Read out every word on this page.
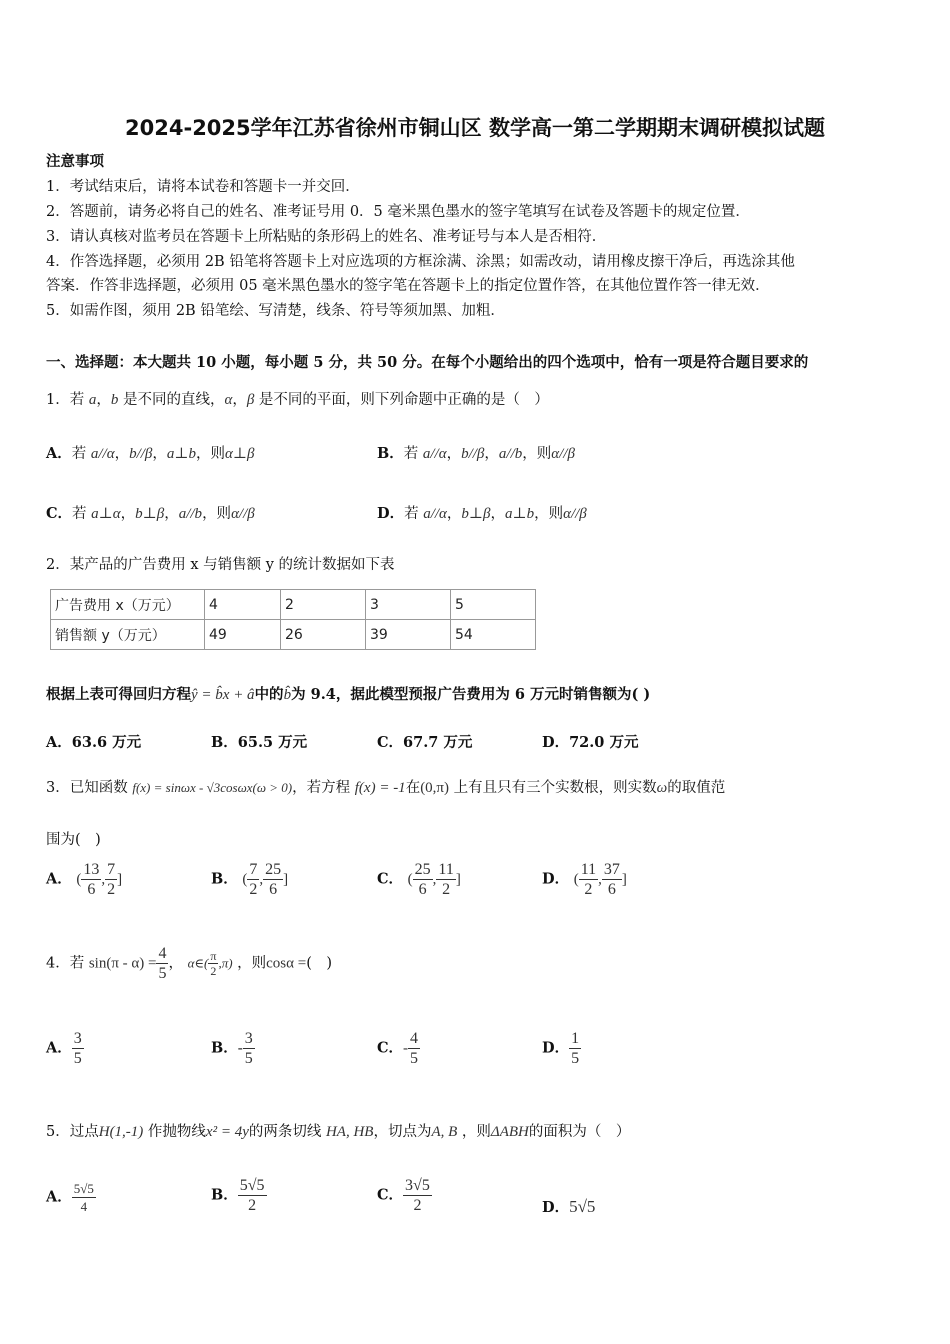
2024-2025学年江苏省徐州市铜山区 数学高一第二学期期末调研模拟试题
注意事项
1．考试结束后，请将本试卷和答题卡一并交回．
2．答题前，请务必将自己的姓名、准考证号用 0．5 毫米黑色墨水的签字笔填写在试卷及答题卡的规定位置．
3．请认真核对监考员在答题卡上所粘贴的条形码上的姓名、准考证号与本人是否相符．
4．作答选择题，必须用 2B 铅笔将答题卡上对应选项的方框涂满、涂黑；如需改动，请用橡皮擦干净后，再选涂其他
答案．作答非选择题，必须用 05 毫米黑色墨水的签字笔在答题卡上的指定位置作答，在其他位置作答一律无效．
5．如需作图，须用 2B 铅笔绘、写清楚，线条、符号等须加黑、加粗．
一、选择题：本大题共 10 小题，每小题 5 分，共 50 分。在每个小题给出的四个选项中，恰有一项是符合题目要求的
1．若 a，b 是不同的直线，α，β 是不同的平面，则下列命题中正确的是（　）
A．若 a//α，b//β，a⊥b，则α⊥β	B．若 a//α，b//β，a//b，则α//β
C．若 a⊥α，b⊥β，a//b，则α//β	D．若 a//α，b⊥β，a⊥b，则α//β
2．某产品的广告费用 x 与销售额 y 的统计数据如下表
广告费用 x（万元）	4	2	3	5
销售额 y（万元）	49	26	39	54
根据上表可得回归方程ŷ = b̂x + â中的b̂为 9.4，据此模型预报广告费用为 6 万元时销售额为( )
A．63.6 万元	B．65.5 万元	C．67.7 万元	D．72.0 万元
3．已知函数 f(x) = sinωx - √3cosωx(ω > 0)，若方程 f(x) = -1在(0,π) 上有且只有三个实数根，则实数ω的取值范
围为(　)
A． ( $\frac{13}{6}$ , $\frac{7}{2}$ ]	B． ( $\frac{7}{2}$ , $\frac{25}{6}$ ]	C． ( $\frac{25}{6}$ , $\frac{11}{2}$ ]	D． ( $\frac{11}{2}$ , $\frac{37}{6}$ ]
4．若 $\sin(\pi - \alpha) = \frac{4}{5}$ ， α∈( $\frac{\pi}{2} ,\pi$) ，则cosα =(　)
A． $\frac{3}{5}$	B．- $\frac{3}{5}$	C．- $\frac{4}{5}$	D． $\frac{1}{5}$
5．过点H(1,-1) 作抛物线x² = 4y的两条切线 HA, HB，切点为A, B ，则ΔABH的面积为（　）
A． $\frac{5√5}{4}$	B． $\frac{5√5}{2}$	C． $\frac{3√5}{2}$	D．5√5
